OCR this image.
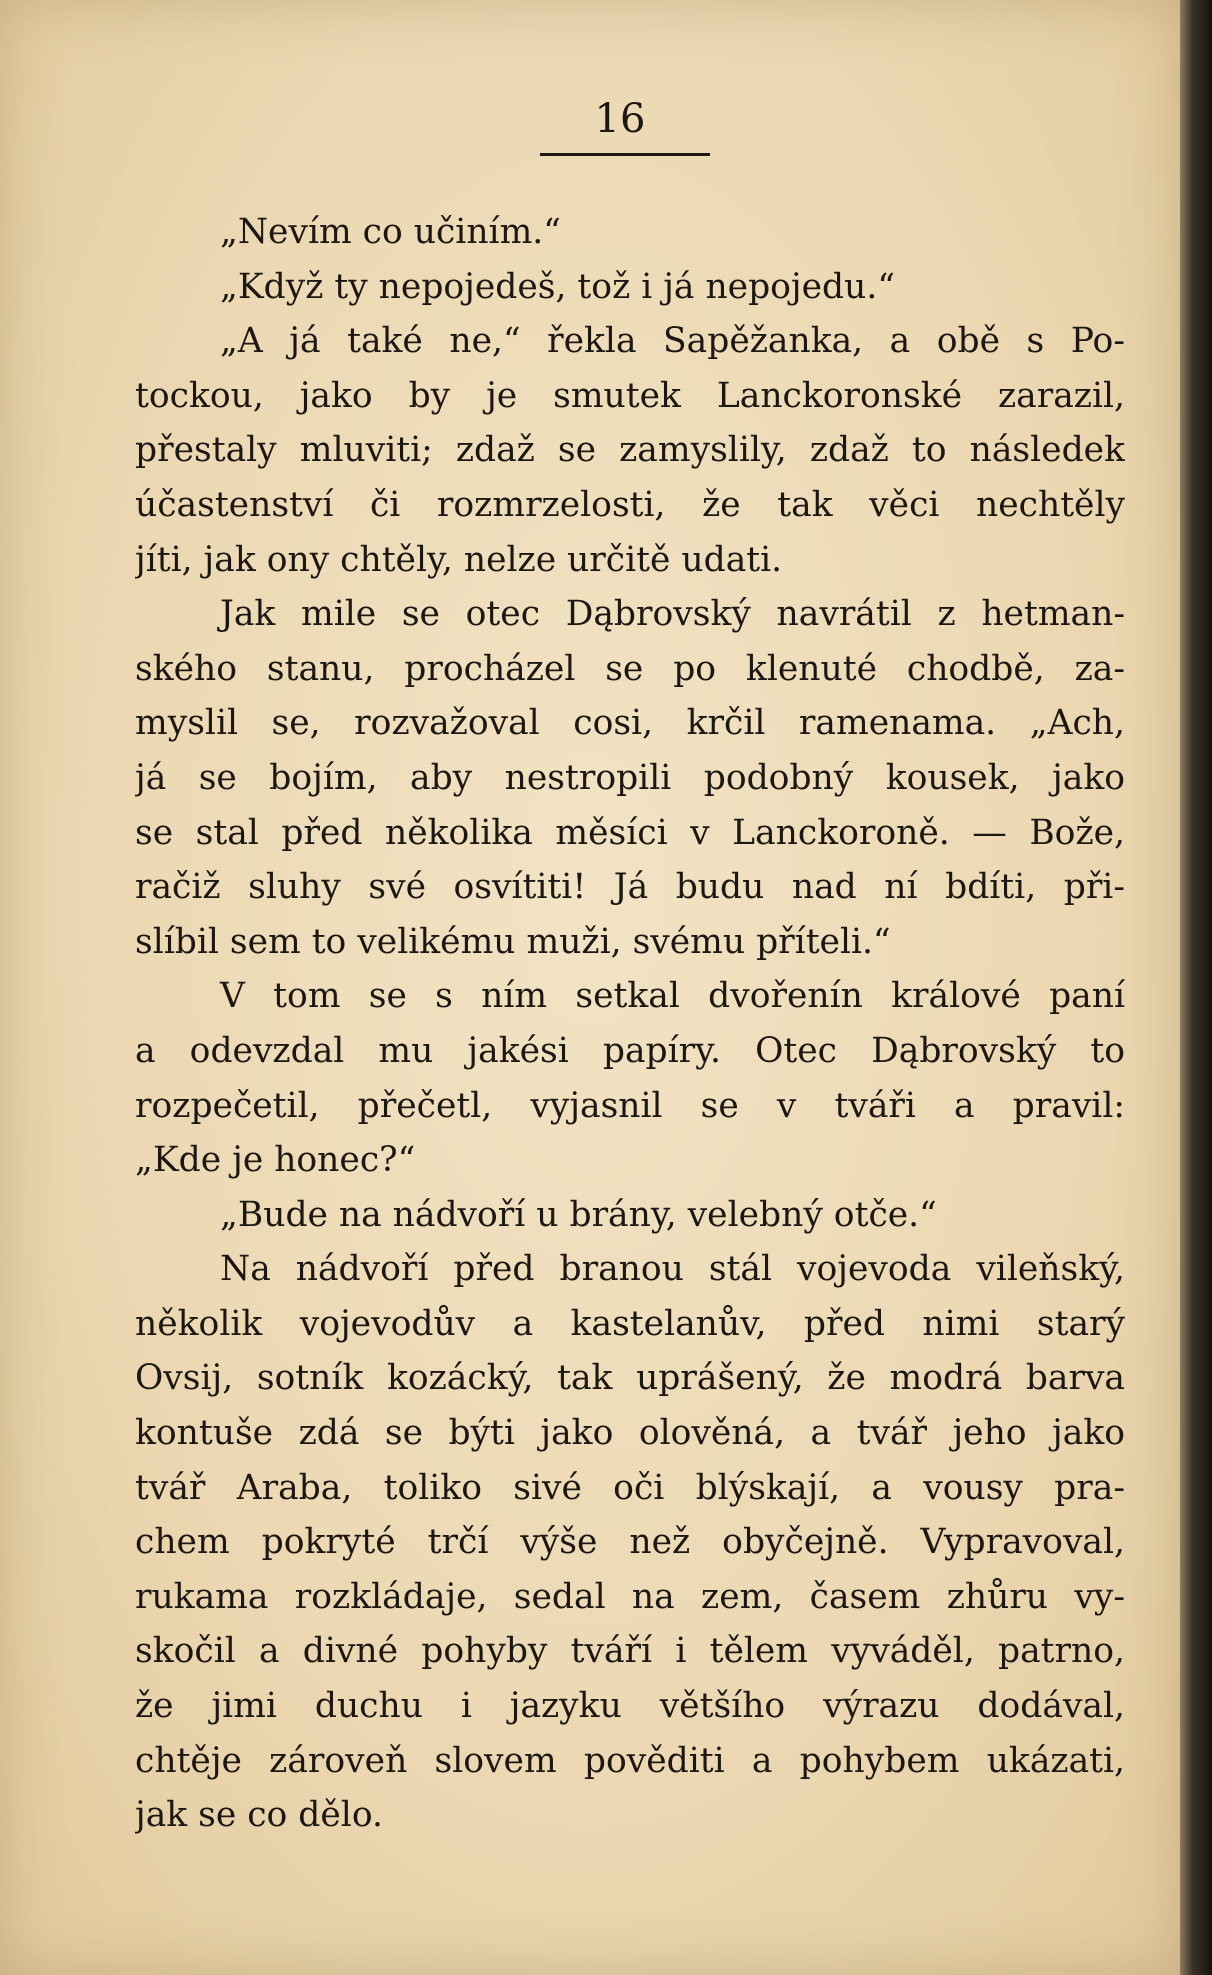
16
„Nevím co učiním.“
„Když ty nepojedeš, tož i já nepojedu.“
„A já také ne,“ řekla Sapěžanka, a obě s Po-
tockou, jako by je smutek Lanckoronské zarazil,
přestaly mluviti; zdaž se zamyslily, zdaž to následek
účastenství či rozmrzelosti, že tak věci nechtěly
jíti, jak ony chtěly, nelze určitě udati.
Jak mile se otec Dąbrovský navrátil z hetman-
ského stanu, procházel se po klenuté chodbě, za-
myslil se, rozvažoval cosi, krčil ramenama. „Ach,
já se bojím, aby nestropili podobný kousek, jako
se stal před několika měsíci v Lanckoroně. — Bože,
račiž sluhy své osvítiti! Já budu nad ní bdíti, při-
slíbil sem to velikému muži, svému příteli.“
V tom se s ním setkal dvořenín králové paní
a odevzdal mu jakési papíry. Otec Dąbrovský to
rozpečetil, přečetl, vyjasnil se v tváři a pravil:
„Kde je honec?“
„Bude na nádvoří u brány, velebný otče.“
Na nádvoří před branou stál vojevoda vileňský,
několik vojevodův a kastelanův, před nimi starý
Ovsij, sotník kozácký, tak uprášený, že modrá barva
kontuše zdá se býti jako olověná, a tvář jeho jako
tvář Araba, toliko sivé oči blýskají, a vousy pra-
chem pokryté trčí výše než obyčejně. Vypravoval,
rukama rozkládaje, sedal na zem, časem zhůru vy-
skočil a divné pohyby tváří i tělem vyváděl, patrno,
že jimi duchu i jazyku většího výrazu dodával,
chtěje zároveň slovem pověditi a pohybem ukázati,
jak se co dělo.
